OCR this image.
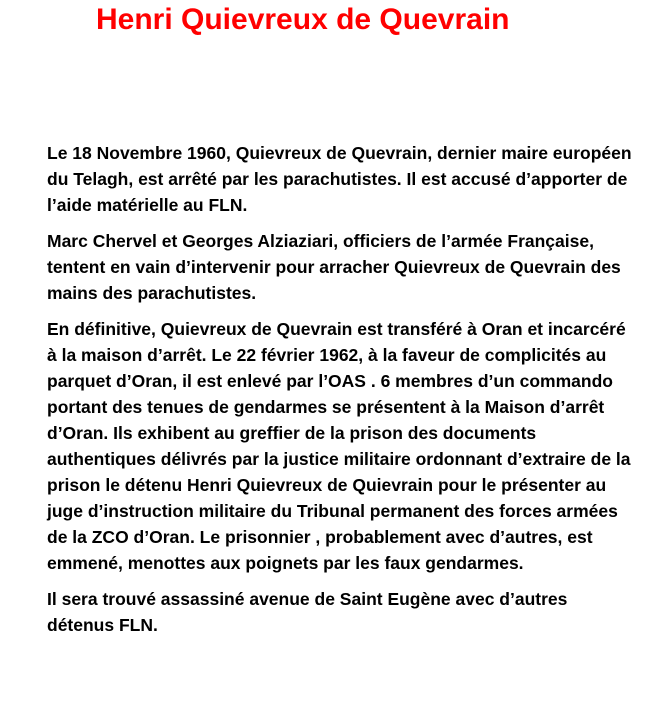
Henri Quievreux de Quevrain

Le 18 Novembre 1960, Quievreux de Quevrain, dernier maire européen du Telagh, est arrêté par les parachutistes. Il est accusé d’apporter de l’aide matérielle au FLN.

Marc Chervel et Georges Alziaziari, officiers de l’armée Française, tentent en vain d’intervenir pour arracher Quievreux de Quevrain des mains des parachutistes.

En définitive, Quievreux de Quevrain est transféré à Oran et incarcéré à la maison d’arrêt. Le 22 février 1962, à la faveur de complicités au parquet d’Oran, il est enlevé par l’OAS . 6 membres d’un commando portant des tenues de gendarmes se présentent à la Maison d’arrêt d’Oran. Ils exhibent au greffier de la prison des documents authentiques délivrés par la justice militaire ordonnant d’extraire de la prison le détenu Henri Quievreux de Quievrain pour le présenter au juge d’instruction militaire du Tribunal permanent des forces armées de la ZCO d’Oran. Le prisonnier , probablement avec d’autres, est emmené, menottes aux poignets par les faux gendarmes.

Il sera trouvé assassiné avenue de Saint Eugène avec d’autres détenus FLN.
